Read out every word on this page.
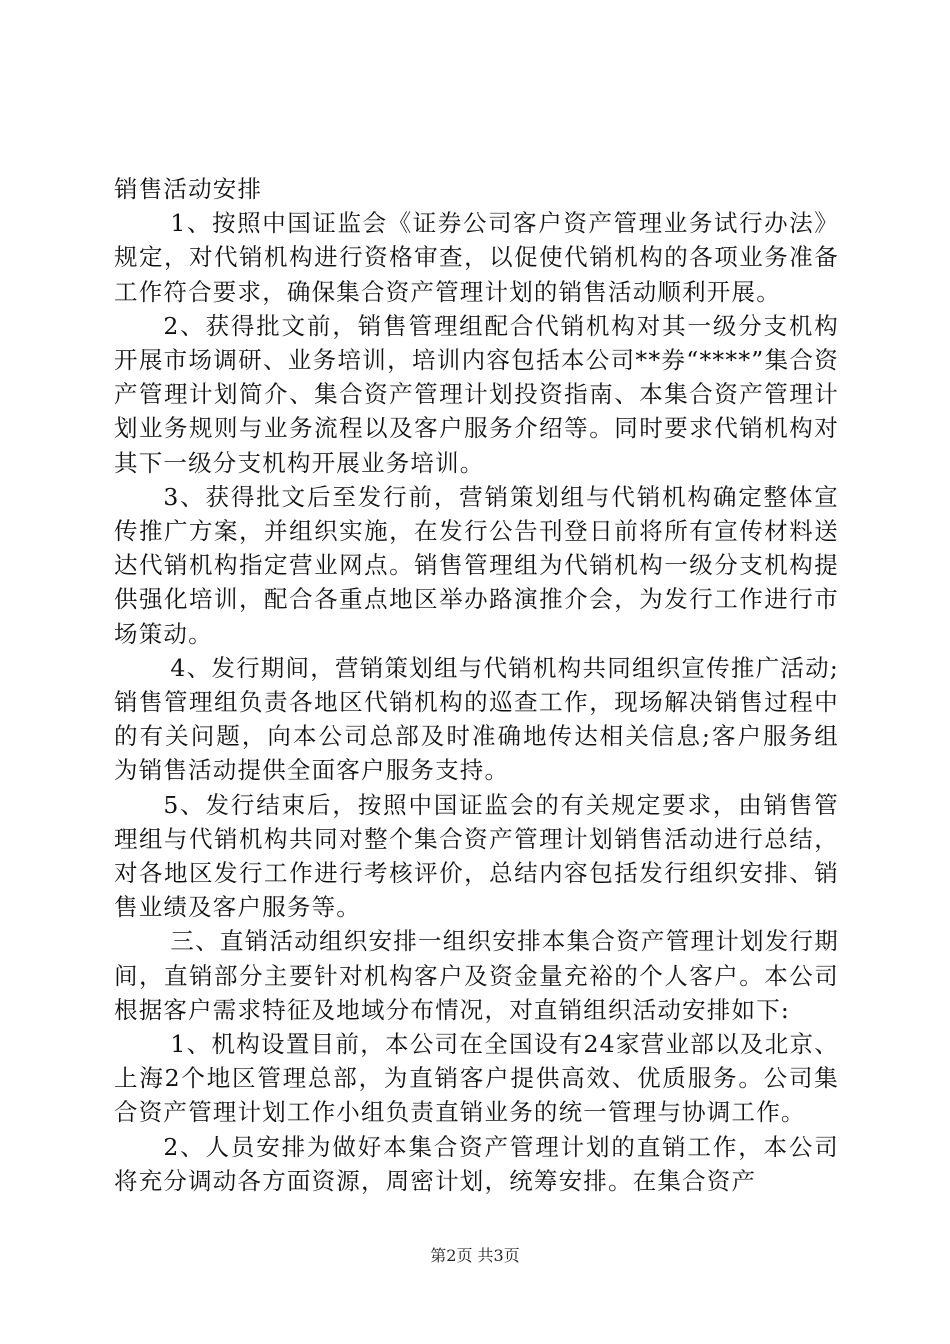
销售活动安排

1、按照中国证监会《证券公司客户资产管理业务试行办法》规定，对代销机构进行资格审查，以促使代销机构的各项业务准备工作符合要求，确保集合资产管理计划的销售活动顺利开展。

2、获得批文前，销售管理组配合代销机构对其一级分支机构开展市场调研、业务培训，培训内容包括本公司**券“****”集合资产管理计划简介、集合资产管理计划投资指南、本集合资产管理计划业务规则与业务流程以及客户服务介绍等。同时要求代销机构对其下一级分支机构开展业务培训。

3、获得批文后至发行前，营销策划组与代销机构确定整体宣传推广方案，并组织实施，在发行公告刊登日前将所有宣传材料送达代销机构指定营业网点。销售管理组为代销机构一级分支机构提供强化培训，配合各重点地区举办路演推介会，为发行工作进行市场策动。

4、发行期间，营销策划组与代销机构共同组织宣传推广活动;销售管理组负责各地区代销机构的巡查工作，现场解决销售过程中的有关问题，向本公司总部及时准确地传达相关信息;客户服务组为销售活动提供全面客户服务支持。

5、发行结束后，按照中国证监会的有关规定要求，由销售管理组与代销机构共同对整个集合资产管理计划销售活动进行总结，对各地区发行工作进行考核评价，总结内容包括发行组织安排、销售业绩及客户服务等。

三、直销活动组织安排一组织安排本集合资产管理计划发行期间，直销部分主要针对机构客户及资金量充裕的个人客户。本公司根据客户需求特征及地域分布情况，对直销组织活动安排如下:

1、机构设置目前，本公司在全国设有24家营业部以及北京、上海2个地区管理总部，为直销客户提供高效、优质服务。公司集合资产管理计划工作小组负责直销业务的统一管理与协调工作。

2、人员安排为做好本集合资产管理计划的直销工作，本公司将充分调动各方面资源，周密计划，统筹安排。在集合资产

第2页 共3页
